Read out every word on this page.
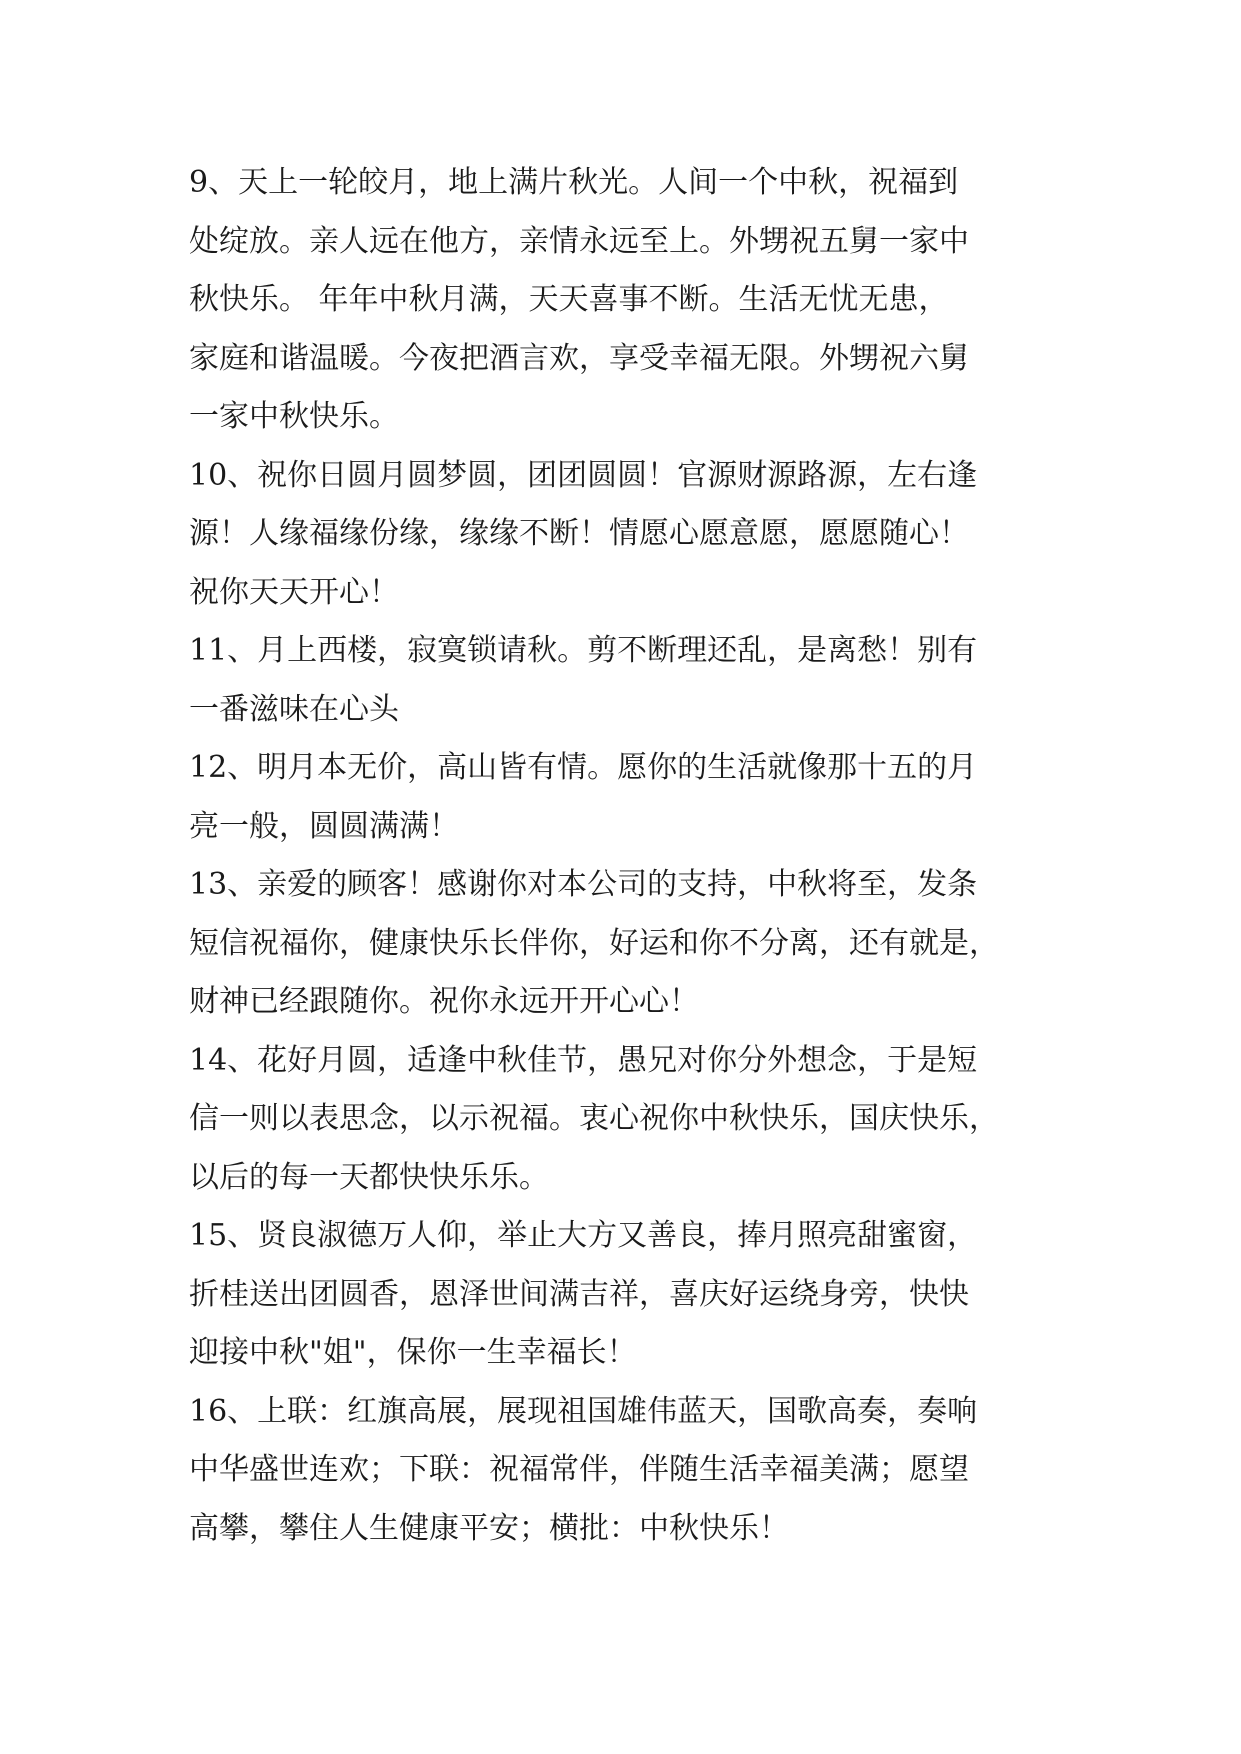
9、天上一轮皎月，地上满片秋光。人间一个中秋，祝福到
处绽放。亲人远在他方，亲情永远至上。外甥祝五舅一家中
秋快乐。 年年中秋月满，天天喜事不断。生活无忧无患，
家庭和谐温暖。今夜把酒言欢，享受幸福无限。外甥祝六舅
一家中秋快乐。
10、祝你日圆月圆梦圆，团团圆圆！官源财源路源，左右逢
源！人缘福缘份缘，缘缘不断！情愿心愿意愿，愿愿随心！
祝你天天开心！
11、月上西楼，寂寞锁请秋。剪不断理还乱，是离愁！别有
一番滋味在心头
12、明月本无价，高山皆有情。愿你的生活就像那十五的月
亮一般，圆圆满满！
13、亲爱的顾客！感谢你对本公司的支持，中秋将至，发条
短信祝福你，健康快乐长伴你，好运和你不分离，还有就是，
财神已经跟随你。祝你永远开开心心！
14、花好月圆，适逢中秋佳节，愚兄对你分外想念，于是短
信一则以表思念，以示祝福。衷心祝你中秋快乐，国庆快乐，
以后的每一天都快快乐乐。
15、贤良淑德万人仰，举止大方又善良，捧月照亮甜蜜窗，
折桂送出团圆香，恩泽世间满吉祥，喜庆好运绕身旁，快快
迎接中秋"姐"，保你一生幸福长！
16、上联：红旗高展，展现祖国雄伟蓝天，国歌高奏，奏响
中华盛世连欢；下联：祝福常伴，伴随生活幸福美满；愿望
高攀，攀住人生健康平安；横批：中秋快乐！
